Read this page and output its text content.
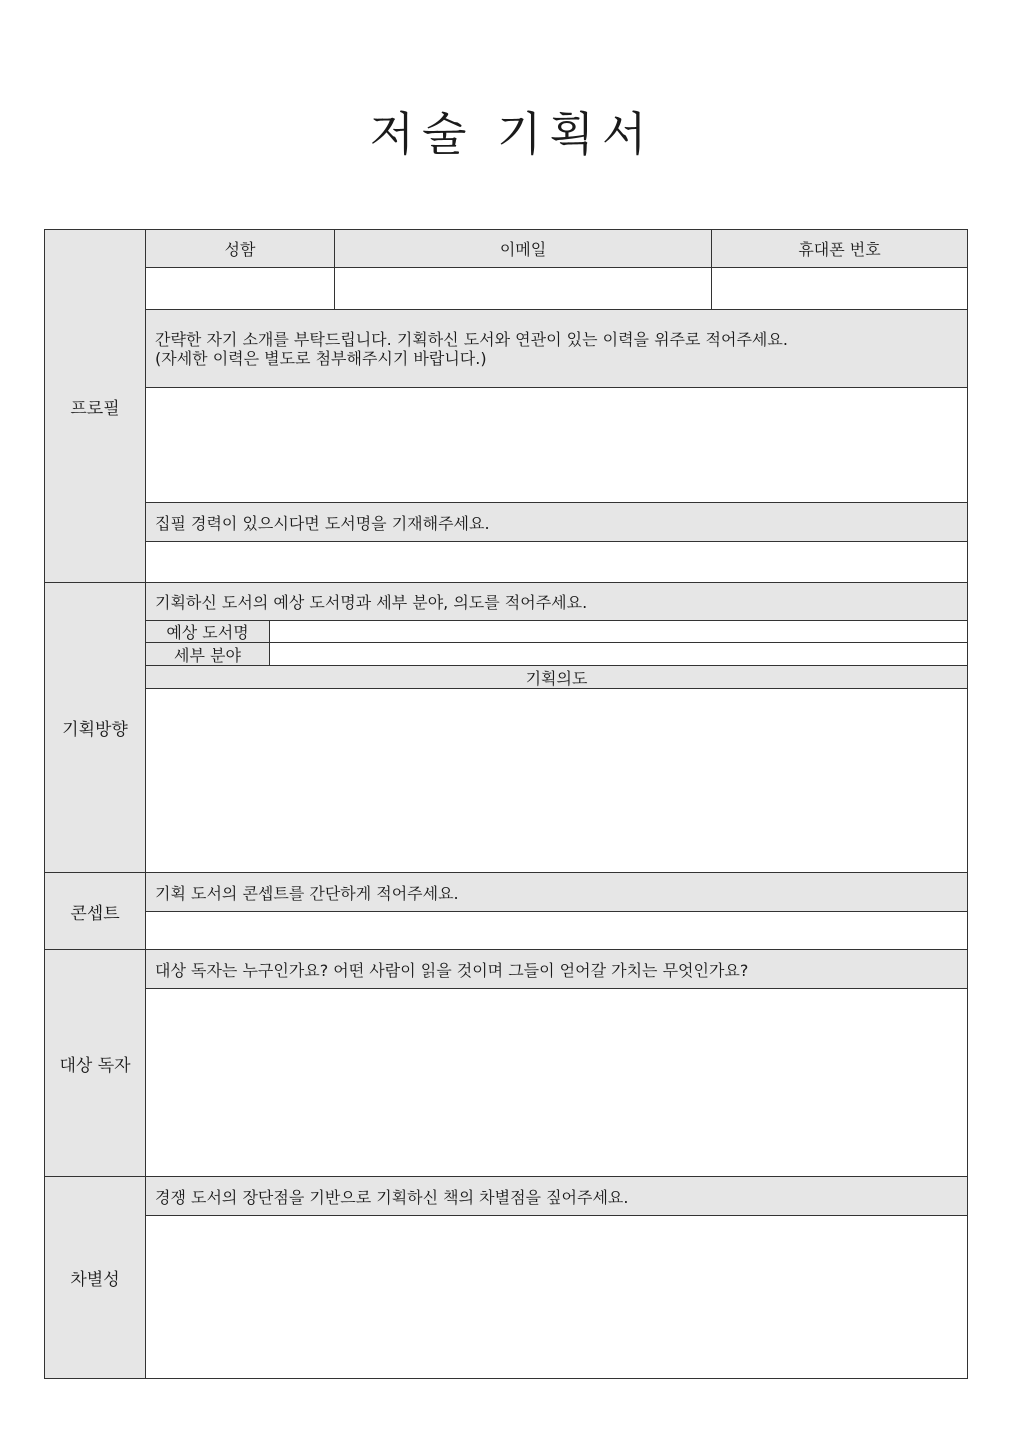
저술 기획서
프로필
성함	이메일	휴대폰 번호
간략한 자기 소개를 부탁드립니다. 기획하신 도서와 연관이 있는 이력을 위주로 적어주세요.
(자세한 이력은 별도로 첨부해주시기 바랍니다.)
집필 경력이 있으시다면 도서명을 기재해주세요.
기획방향
기획하신 도서의 예상 도서명과 세부 분야, 의도를 적어주세요.
예상 도서명
세부 분야
기획의도
콘셉트
기획 도서의 콘셉트를 간단하게 적어주세요.
대상 독자
대상 독자는 누구인가요? 어떤 사람이 읽을 것이며 그들이 얻어갈 가치는 무엇인가요?
차별성
경쟁 도서의 장단점을 기반으로 기획하신 책의 차별점을 짚어주세요.
